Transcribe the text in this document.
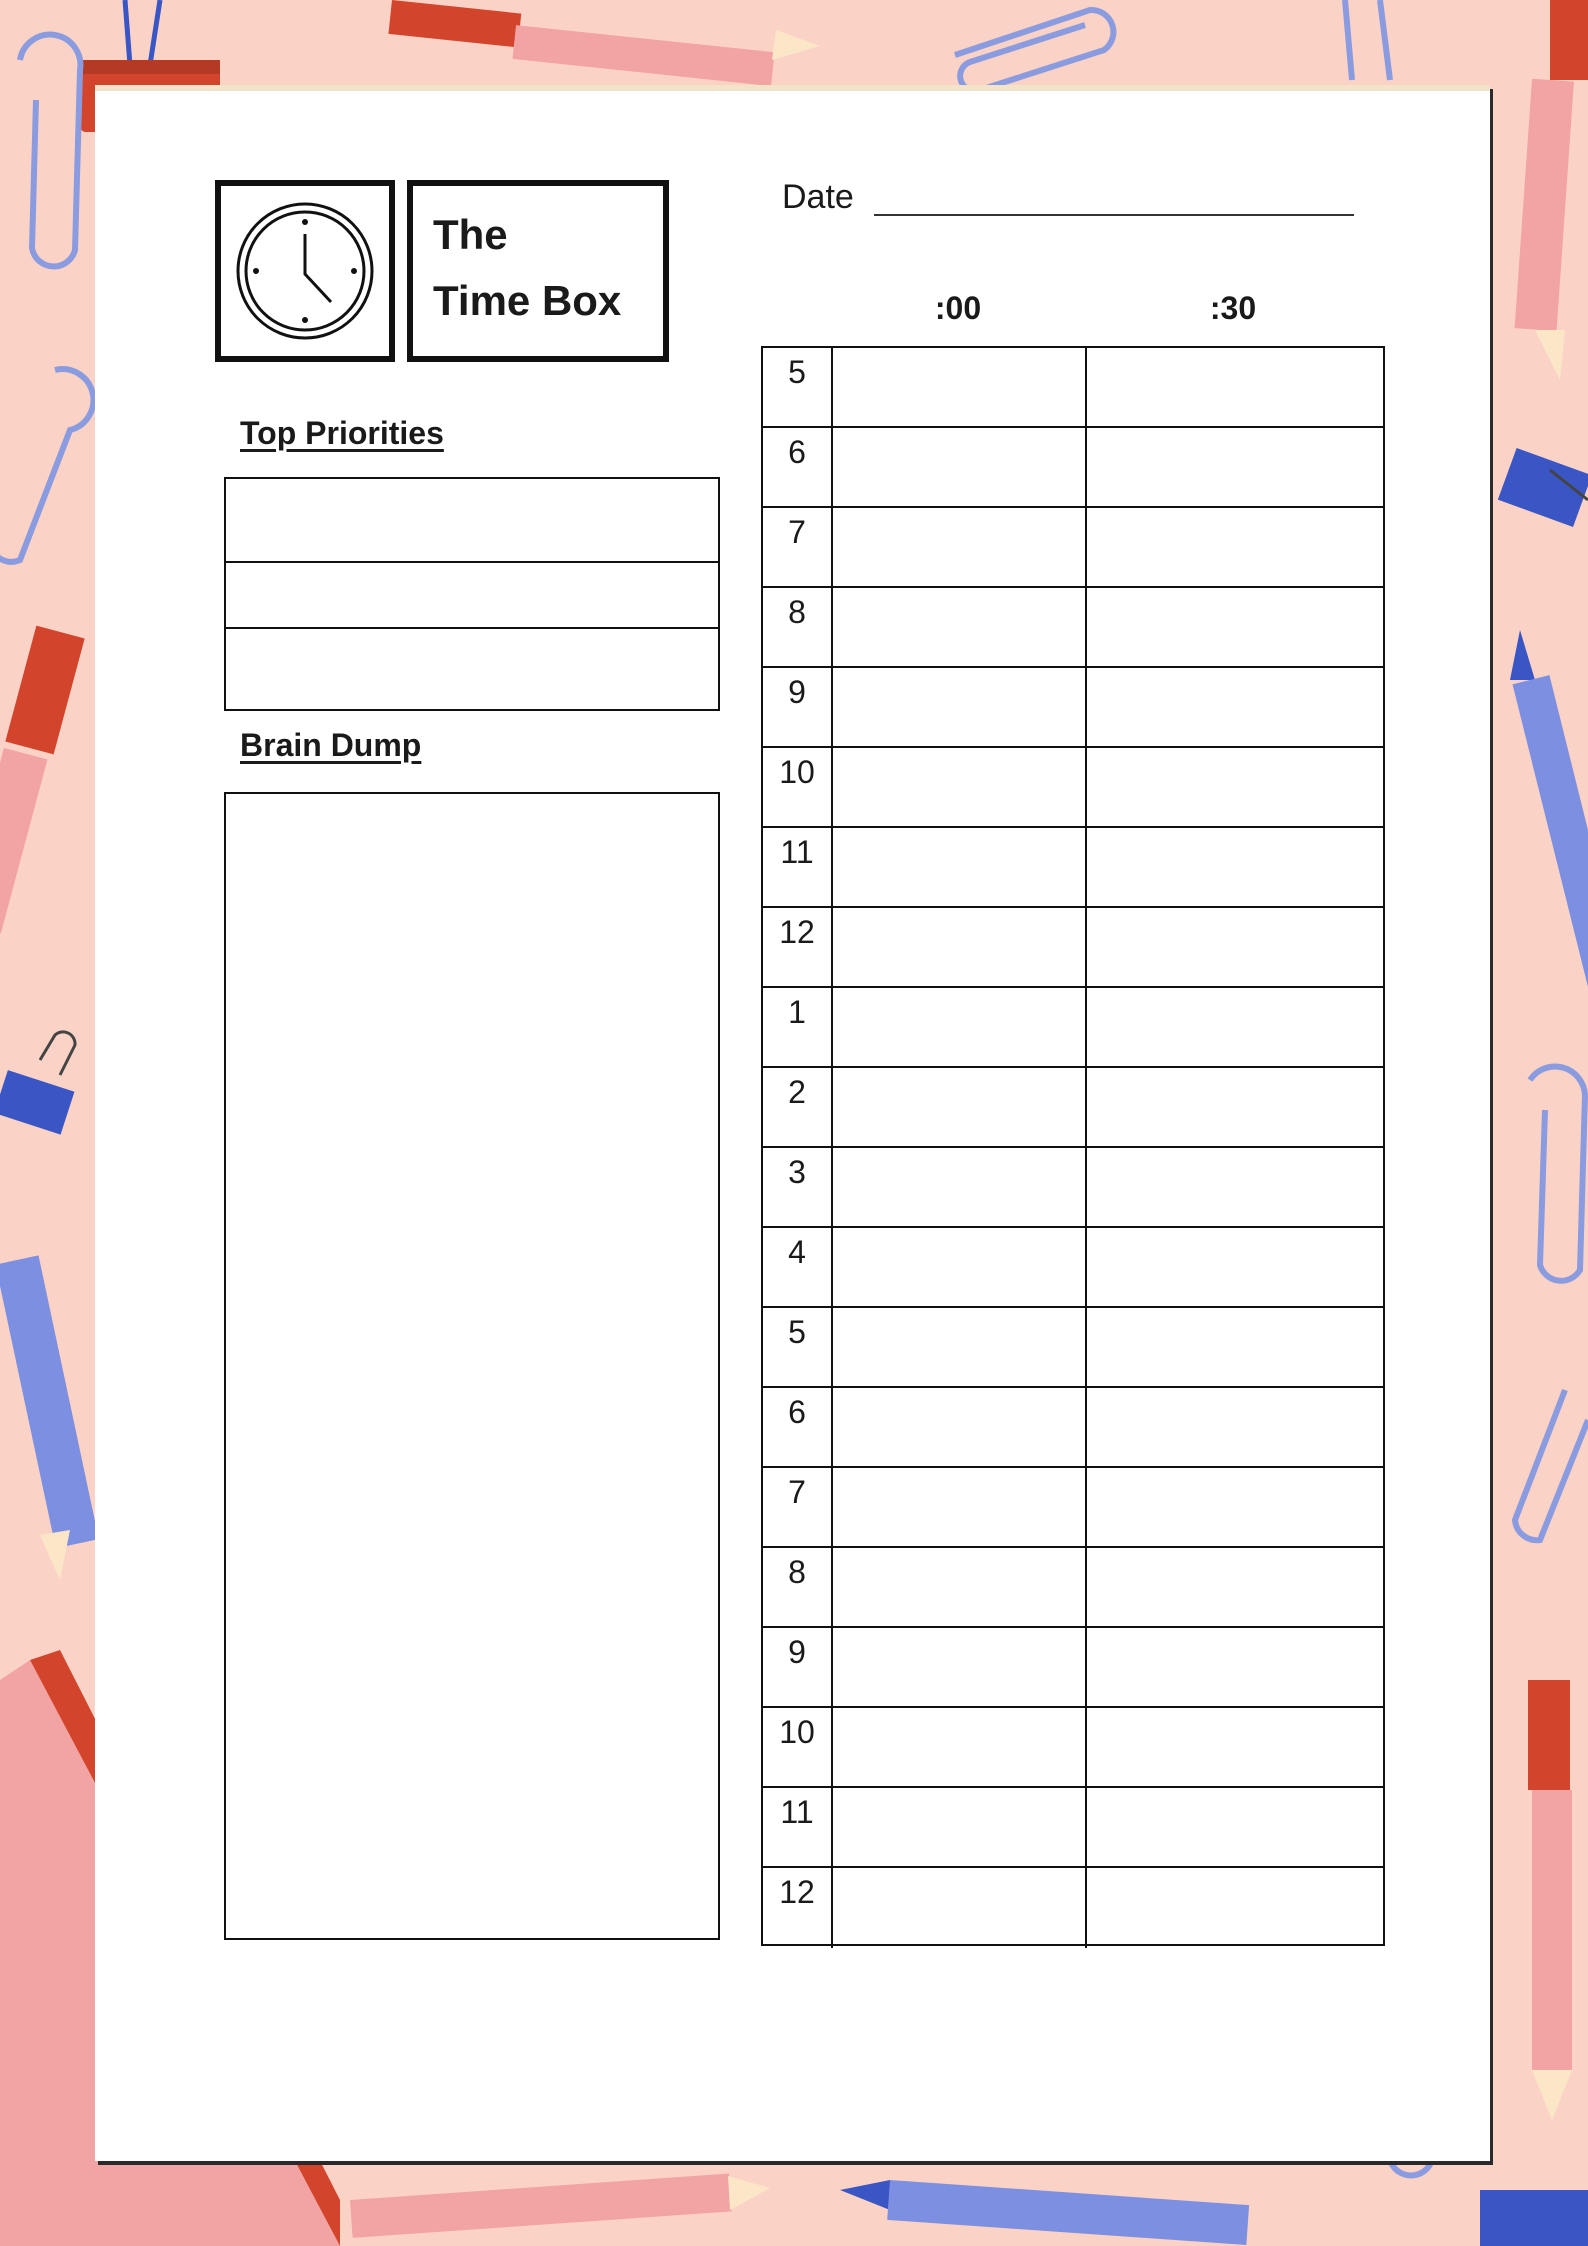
The
Time Box
Date
:00	:30
Top Priorities
Brain Dump
5
6
7
8
9
10
11
12
1
2
3
4
5
6
7
8
9
10
11
12
